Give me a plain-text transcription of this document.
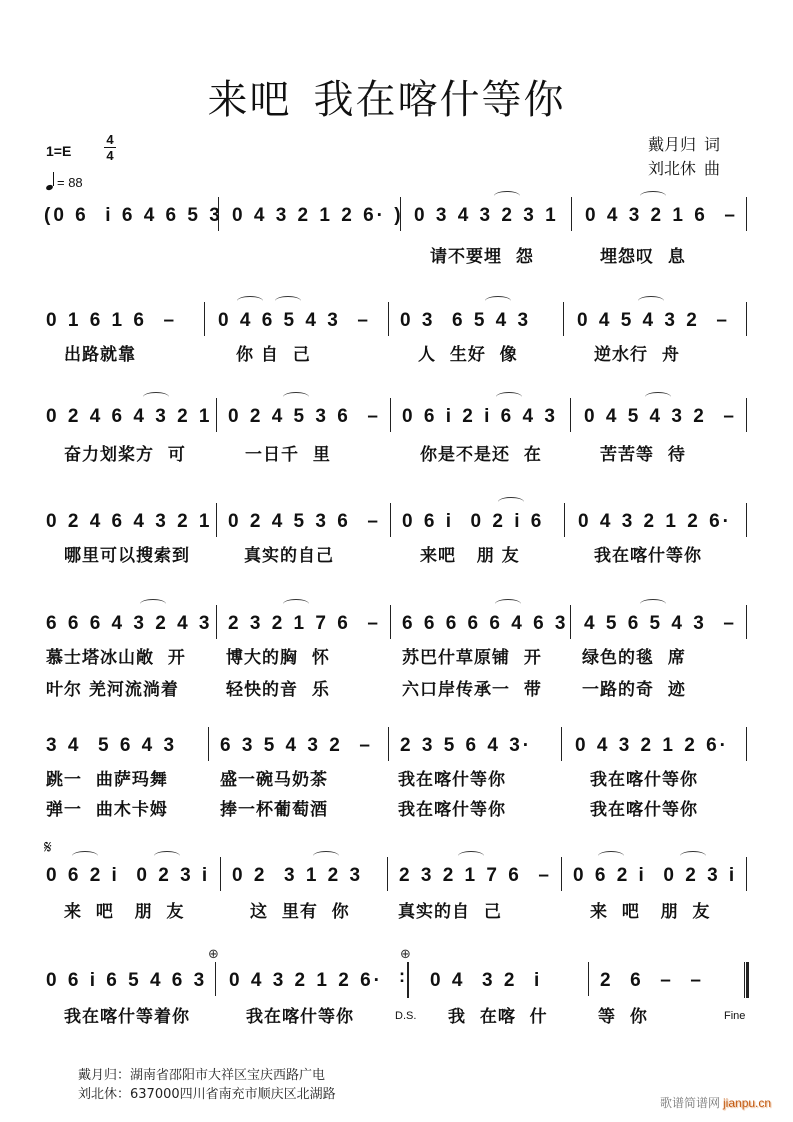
来吧 我在喀什等你
1=E
4
4
= 88
戴月归 词
刘北休 曲
(0 6  i 6 4 6 5 3 0 4 3 2 1 2 6· ) 0 3 4 3 2 3 1 0 4 3 2 1 6  –
请不要埋  怨	埋怨叹  息
0 1 6 1 6  – 0 4 6 5 4 3  – 0 3  6 5 4 3 0 4 5 4 3 2  –
出路就靠	你 自  己	人  生好  像	逆水行  舟
0 2 4 6 4 3 2 1 0 2 4 5 3 6  – 0 6 i 2 i 6 4 3 0 4 5 4 3 2  –
奋力划桨方  可	一日千  里	你是不是还  在	苦苦等  待
0 2 4 6 4 3 2 1 0 2 4 5 3 6  – 0 6 i  0 2 i 6 0 4 3 2 1 2 6·
哪里可以搜索到	真实的自己	来吧   朋 友	我在喀什等你
6 6 6 4 3 2 4 3 2 3 2 1 7 6  – 6 6 6 6 6 4 6 3 4 5 6 5 4 3  –
慕士塔冰山敞  开 博大的胸  怀	苏巴什草原铺  开 绿色的毯  席
叶尔 羌河流淌着	轻快的音  乐	六口岸传承一  带 一路的奇  迹
3 4  5 6 4 3 6 3 5 4 3 2  – 2 3 5 6 4 3· 0 4 3 2 1 2 6·
跳一  曲萨玛舞	盛一碗马奶茶	我在喀什等你	我在喀什等你
弹一  曲木卡姆	捧一杯葡萄酒	我在喀什等你	我在喀什等你
𝄋
0 6 2 i  0 2 3 i 0 2  3 1 2 3 2 3 2 1 7 6  – 0 6 2 i  0 2 3 i
来  吧   朋  友	这  里有  你	真实的自  己	来  吧   朋  友
⊕	⊕
:
0 6 i 6 5 4 6 3 0 4 3 2 1 2 6· 0 4  3 2  i	2  6  –  –
我在喀什等着你	我在喀什等你	我  在喀  什	等  你
D.S.	Fine
戴月归：湖南省邵阳市大祥区宝庆西路广电
刘北休：637000四川省南充市顺庆区北湖路
歌谱简谱网 jianpu.cn
